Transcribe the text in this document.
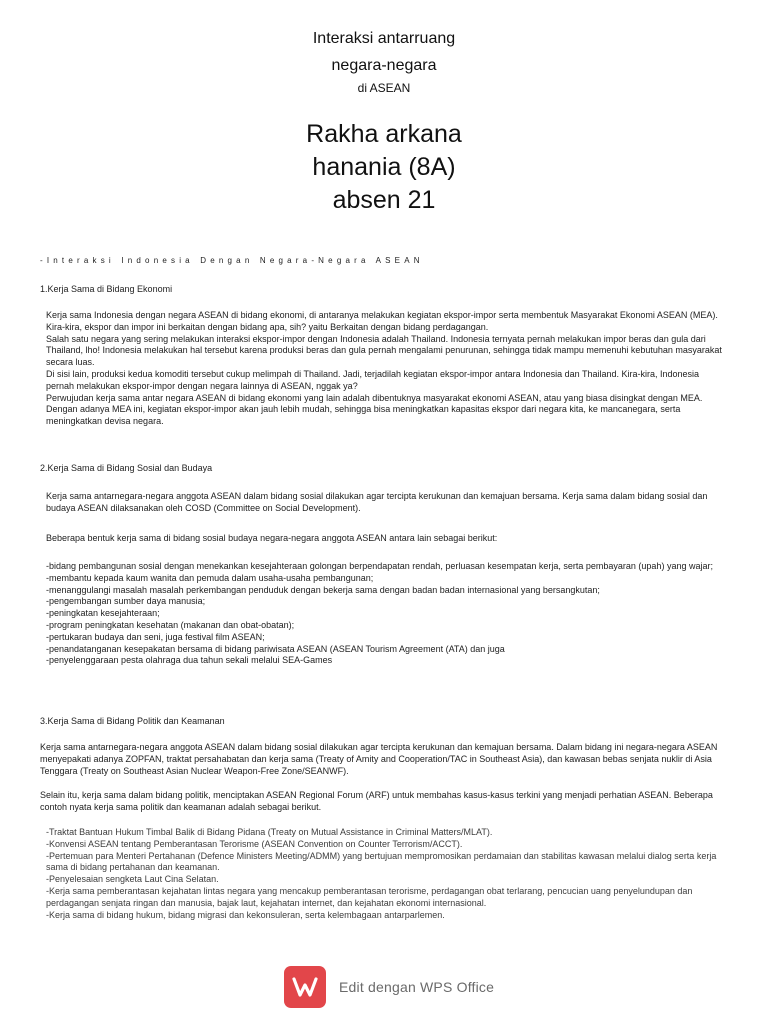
Interaksi antarruang
negara-negara
di ASEAN
Rakha arkana
hanania (8A)
absen 21
-Interaksi Indonesia Dengan Negara-Negara ASEAN
1.Kerja Sama di Bidang Ekonomi

Kerja sama Indonesia dengan negara ASEAN di bidang ekonomi, di antaranya melakukan kegiatan ekspor-impor serta membentuk Masyarakat Ekonomi ASEAN (MEA). Kira-kira, ekspor dan impor ini berkaitan dengan bidang apa, sih? yaitu Berkaitan dengan bidang perdagangan.

Salah satu negara yang sering melakukan interaksi ekspor-impor dengan Indonesia adalah Thailand. Indonesia ternyata pernah melakukan impor beras dan gula dari Thailand, lho! Indonesia melakukan hal tersebut karena produksi beras dan gula pernah mengalami penurunan, sehingga tidak mampu memenuhi kebutuhan masyarakat secara luas.

Di sisi lain, produksi kedua komoditi tersebut cukup melimpah di Thailand. Jadi, terjadilah kegiatan ekspor-impor antara Indonesia dan Thailand. Kira-kira, Indonesia pernah melakukan ekspor-impor dengan negara lainnya di ASEAN, nggak ya?

Perwujudan kerja sama antar negara ASEAN di bidang ekonomi yang lain adalah dibentuknya masyarakat ekonomi ASEAN, atau yang biasa disingkat dengan MEA. Dengan adanya MEA ini, kegiatan ekspor-impor akan jauh lebih mudah, sehingga bisa meningkatkan kapasitas ekspor dari negara kita, ke mancanegara, serta meningkatkan devisa negara.

2.Kerja Sama di Bidang Sosial dan Budaya

Kerja sama antarnegara-negara anggota ASEAN dalam bidang sosial dilakukan agar tercipta kerukunan dan kemajuan bersama. Kerja sama dalam bidang sosial dan budaya ASEAN dilaksanakan oleh COSD (Committee on Social Development).

Beberapa bentuk kerja sama di bidang sosial budaya negara-negara anggota ASEAN antara lain sebagai berikut:

-bidang pembangunan sosial dengan menekankan kesejahteraan golongan berpendapatan rendah, perluasan kesempatan kerja, serta pembayaran (upah) yang wajar;

-membantu kepada kaum wanita dan pemuda dalam usaha-usaha pembangunan;

-menanggulangi masalah masalah perkembangan penduduk dengan bekerja sama dengan badan badan internasional yang bersangkutan;

-pengembangan sumber daya manusia;

-peningkatan kesejahteraan;

-program peningkatan kesehatan (makanan dan obat-obatan);

-pertukaran budaya dan seni, juga festival film ASEAN;

-penandatanganan kesepakatan bersama di bidang pariwisata ASEAN (ASEAN Tourism Agreement (ATA) dan juga

-penyelenggaraan pesta olahraga dua tahun sekali melalui SEA-Games

3.Kerja Sama di Bidang Politik dan Keamanan

Kerja sama antarnegara-negara anggota ASEAN dalam bidang sosial dilakukan agar tercipta kerukunan dan kemajuan bersama. Dalam bidang ini negara-negara ASEAN menyepakati adanya ZOPFAN, traktat persahabatan dan kerja sama (Treaty of Amity and Cooperation/TAC in Southeast Asia), dan kawasan bebas senjata nuklir di Asia Tenggara (Treaty on Southeast Asian Nuclear Weapon-Free Zone/SEANWF).

Selain itu, kerja sama dalam bidang politik, menciptakan ASEAN Regional Forum (ARF) untuk membahas kasus-kasus terkini yang menjadi perhatian ASEAN. Beberapa contoh nyata kerja sama politik dan keamanan adalah sebagai berikut.

-Traktat Bantuan Hukum Timbal Balik di Bidang Pidana (Treaty on Mutual Assistance in Criminal Matters/MLAT).

-Konvensi ASEAN tentang Pemberantasan Terorisme (ASEAN Convention on Counter Terrorism/ACCT).

-Pertemuan para Menteri Pertahanan (Defence Ministers Meeting/ADMM) yang bertujuan mempromosikan perdamaian dan stabilitas kawasan melalui dialog serta kerja sama di bidang pertahanan dan keamanan.

-Penyelesaian sengketa Laut Cina Selatan.

-Kerja sama pemberantasan kejahatan lintas negara yang mencakup pemberantasan terorisme, perdagangan obat terlarang, pencucian uang penyelundupan dan perdagangan senjata ringan dan manusia, bajak laut, kejahatan internet, dan kejahatan ekonomi internasional.

-Kerja sama di bidang hukum, bidang migrasi dan kekonsuleran, serta kelembagaan antarparlemen.

Edit dengan WPS Office
